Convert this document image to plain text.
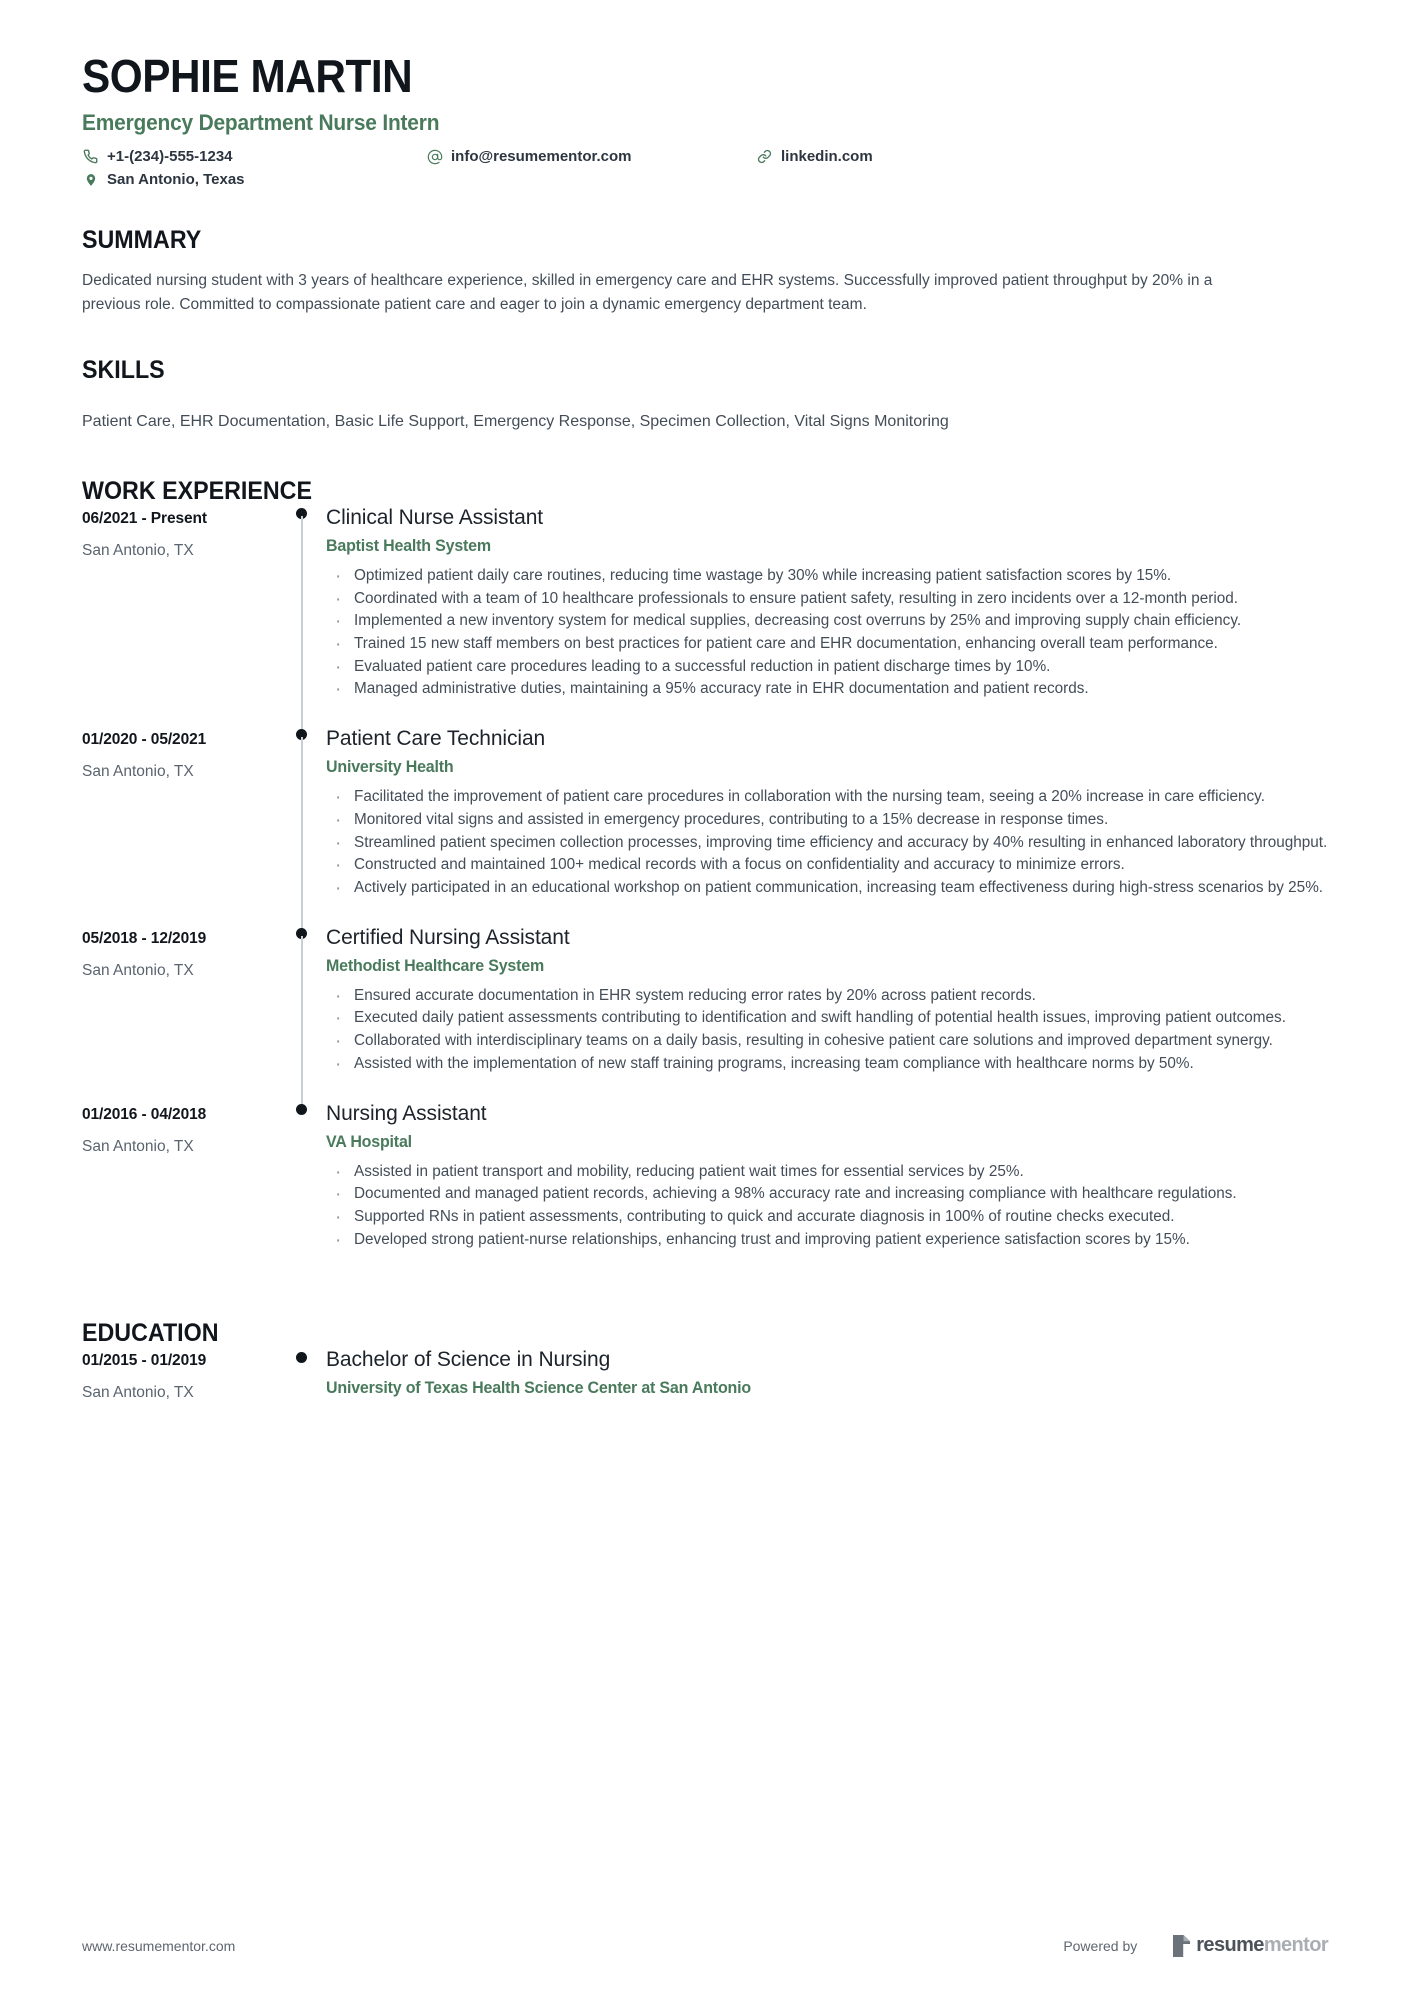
SOPHIE MARTIN
Emergency Department Nurse Intern
+1-(234)-555-1234	info@resumementor.com	linkedin.com
San Antonio, Texas
SUMMARY
Dedicated nursing student with 3 years of healthcare experience, skilled in emergency care and EHR systems. Successfully improved patient throughput by 20% in a previous role. Committed to compassionate patient care and eager to join a dynamic emergency department team.
SKILLS
Patient Care, EHR Documentation, Basic Life Support, Emergency Response, Specimen Collection, Vital Signs Monitoring
WORK EXPERIENCE
06/2021 - Present
San Antonio, TX
Clinical Nurse Assistant
Baptist Health System
· Optimized patient daily care routines, reducing time wastage by 30% while increasing patient satisfaction scores by 15%.
· Coordinated with a team of 10 healthcare professionals to ensure patient safety, resulting in zero incidents over a 12-month period.
· Implemented a new inventory system for medical supplies, decreasing cost overruns by 25% and improving supply chain efficiency.
· Trained 15 new staff members on best practices for patient care and EHR documentation, enhancing overall team performance.
· Evaluated patient care procedures leading to a successful reduction in patient discharge times by 10%.
· Managed administrative duties, maintaining a 95% accuracy rate in EHR documentation and patient records.
01/2020 - 05/2021
San Antonio, TX
Patient Care Technician
University Health
· Facilitated the improvement of patient care procedures in collaboration with the nursing team, seeing a 20% increase in care efficiency.
· Monitored vital signs and assisted in emergency procedures, contributing to a 15% decrease in response times.
· Streamlined patient specimen collection processes, improving time efficiency and accuracy by 40% resulting in enhanced laboratory throughput.
· Constructed and maintained 100+ medical records with a focus on confidentiality and accuracy to minimize errors.
· Actively participated in an educational workshop on patient communication, increasing team effectiveness during high-stress scenarios by 25%.
05/2018 - 12/2019
San Antonio, TX
Certified Nursing Assistant
Methodist Healthcare System
· Ensured accurate documentation in EHR system reducing error rates by 20% across patient records.
· Executed daily patient assessments contributing to identification and swift handling of potential health issues, improving patient outcomes.
· Collaborated with interdisciplinary teams on a daily basis, resulting in cohesive patient care solutions and improved department synergy.
· Assisted with the implementation of new staff training programs, increasing team compliance with healthcare norms by 50%.
01/2016 - 04/2018
San Antonio, TX
Nursing Assistant
VA Hospital
· Assisted in patient transport and mobility, reducing patient wait times for essential services by 25%.
· Documented and managed patient records, achieving a 98% accuracy rate and increasing compliance with healthcare regulations.
· Supported RNs in patient assessments, contributing to quick and accurate diagnosis in 100% of routine checks executed.
· Developed strong patient-nurse relationships, enhancing trust and improving patient experience satisfaction scores by 15%.
EDUCATION
01/2015 - 01/2019
San Antonio, TX
Bachelor of Science in Nursing
University of Texas Health Science Center at San Antonio
www.resumementor.com	Powered by	resumementor
